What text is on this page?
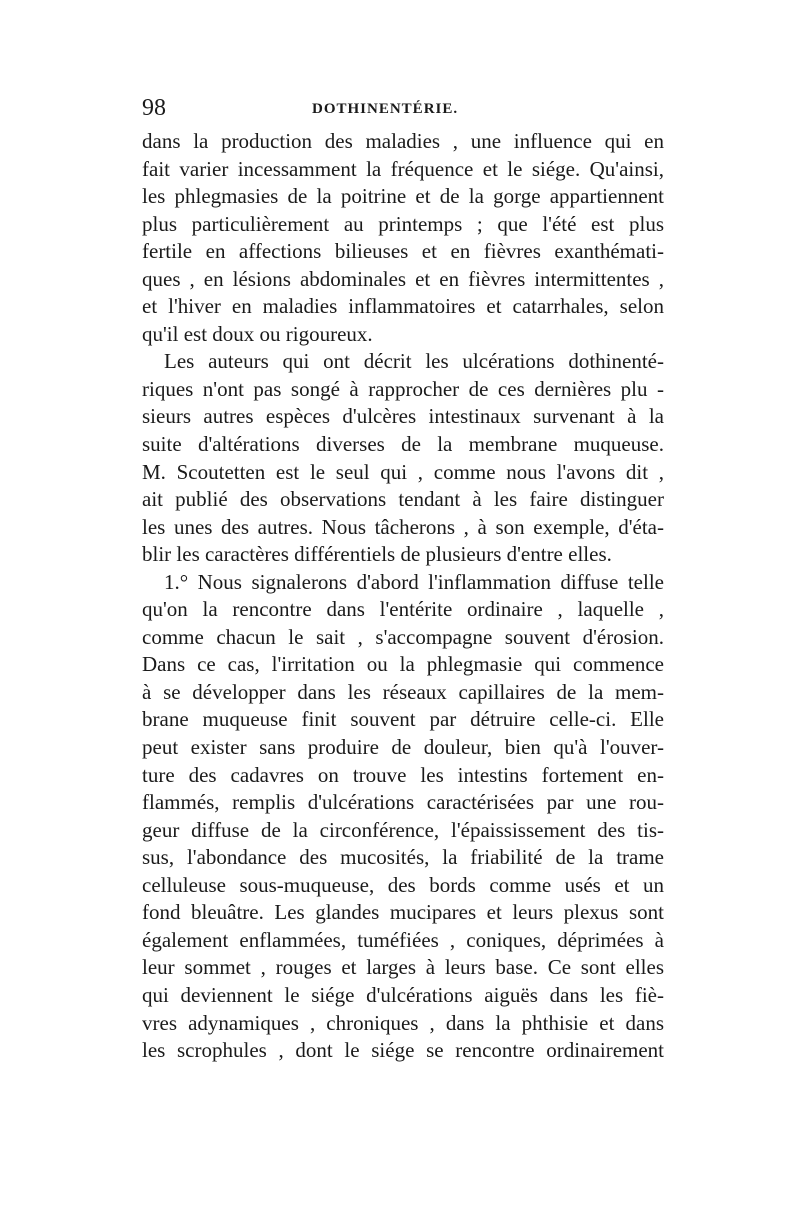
98	DOTHINENTÉRIE.
dans la production des maladies , une influence qui en
fait varier incessamment la fréquence et le siége. Qu'ainsi,
les phlegmasies de la poitrine et de la gorge appartiennent
plus particulièrement au printemps ; que l'été est plus
fertile en affections bilieuses et en fièvres exanthémati-
ques , en lésions abdominales et en fièvres intermittentes ,
et l'hiver en maladies inflammatoires et catarrhales, selon
qu'il est doux ou rigoureux.
Les auteurs qui ont décrit les ulcérations dothinenté-
riques n'ont pas songé à rapprocher de ces dernières plu -
sieurs autres espèces d'ulcères intestinaux survenant à la
suite d'altérations diverses de la membrane muqueuse.
M. Scoutetten est le seul qui , comme nous l'avons dit ,
ait publié des observations tendant à les faire distinguer
les unes des autres. Nous tâcherons , à son exemple, d'éta-
blir les caractères différentiels de plusieurs d'entre elles.
1.° Nous signalerons d'abord l'inflammation diffuse telle
qu'on la rencontre dans l'entérite ordinaire , laquelle ,
comme chacun le sait , s'accompagne souvent d'érosion.
Dans ce cas, l'irritation ou la phlegmasie qui commence
à se développer dans les réseaux capillaires de la mem-
brane muqueuse finit souvent par détruire celle-ci. Elle
peut exister sans produire de douleur, bien qu'à l'ouver-
ture des cadavres on trouve les intestins fortement en-
flammés, remplis d'ulcérations caractérisées par une rou-
geur diffuse de la circonférence, l'épaississement des tis-
sus, l'abondance des mucosités, la friabilité de la trame
celluleuse sous-muqueuse, des bords comme usés et un
fond bleuâtre. Les glandes mucipares et leurs plexus sont
également enflammées, tuméfiées , coniques, déprimées à
leur sommet , rouges et larges à leurs base. Ce sont elles
qui deviennent le siége d'ulcérations aiguës dans les fiè-
vres adynamiques , chroniques , dans la phthisie et dans
les scrophules , dont le siége se rencontre ordinairement
